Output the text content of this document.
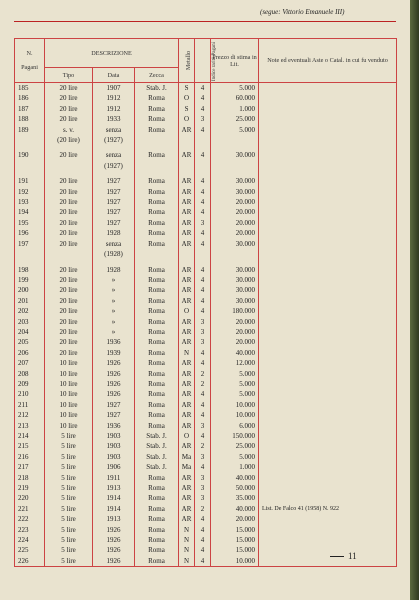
(segue: Vittorio Emanuele III)
N.

Pagani	DESCRIZIONE			Metallo	Indice rarità Pagani	Prezzo di stima in Lit.	Note ed eventuali Aste o Catal. in cui fu venduto
	Tipo	Data	Zecca				
185	20 lire	1907	Stab. J.	S	4	5.000	
186	20 lire	1912	Roma	O	4	60.000	
187	20 lire	1912	Roma	S	4	1.000	
188	20 lire	1933	Roma	O	3	25.000	
189	s. v.	senza	Roma	AR	4	5.000	
	(20 lire)	(1927)					

190	20 lire	senza	Roma	AR	4	30.000	
		(1927)					

191	20 lire	1927	Roma	AR	4	30.000	
192	20 lire	1927	Roma	AR	4	30.000	
193	20 lire	1927	Roma	AR	4	20.000	
194	20 lire	1927	Roma	AR	4	20.000	
195	20 lire	1927	Roma	AR	3	20.000	
196	20 lire	1928	Roma	AR	4	20.000	
197	20 lire	senza	Roma	AR	4	30.000	
		(1928)					

198	20 lire	1928	Roma	AR	4	30.000	
199	20 lire	»	Roma	AR	4	30.000	
200	20 lire	»	Roma	AR	4	30.000	
201	20 lire	»	Roma	AR	4	30.000	
202	20 lire	»	Roma	O	4	180.000	
203	20 lire	»	Roma	AR	3	20.000	
204	20 lire	»	Roma	AR	3	20.000	
205	20 lire	1936	Roma	AR	3	20.000	
206	20 lire	1939	Roma	N	4	40.000	
207	10 lire	1926	Roma	AR	4	12.000	
208	10 lire	1926	Roma	AR	2	5.000	
209	10 lire	1926	Roma	AR	2	5.000	
210	10 lire	1926	Roma	AR	4	5.000	
211	10 lire	1927	Roma	AR	4	10.000	
212	10 lire	1927	Roma	AR	4	10.000	
213	10 lire	1936	Roma	AR	3	6.000	
214	5 lire	1903	Stab. J.	O	4	150.000	
215	5 lire	1903	Stab. J.	AR	2	25.000	
216	5 lire	1903	Stab. J.	Ma	3	5.000	
217	5 lire	1906	Stab. J.	Ma	4	1.000	
218	5 lire	1911	Roma	AR	3	40.000	
219	5 lire	1913	Roma	AR	3	50.000	
220	5 lire	1914	Roma	AR	3	35.000	
221	5 lire	1914	Roma	AR	2	40.000	List. De Falco 41 (1958) N. 922
222	5 lire	1913	Roma	AR	4	20.000	
223	5 lire	1926	Roma	N	4	15.000	
224	5 lire	1926	Roma	N	4	15.000	
225	5 lire	1926	Roma	N	4	15.000	
226	5 lire	1926	Roma	N	4	10.000		11
